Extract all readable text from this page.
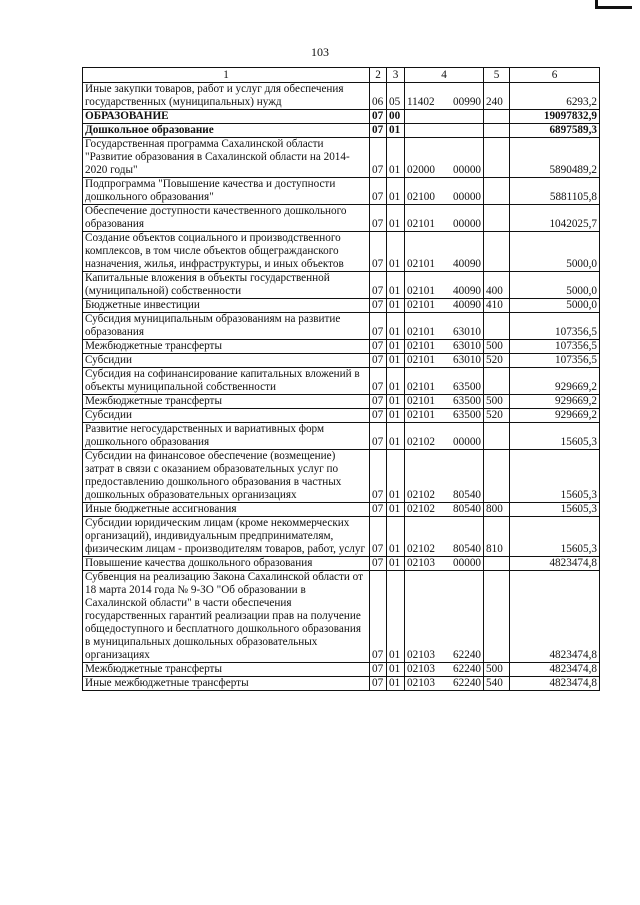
103
1	2	3	4	5	6
Иные закупки товаров, работ и услуг для обеспечения государственных (муниципальных) нужд	06	05	11402 00990	240	6293,2
ОБРАЗОВАНИЕ	07	00			19097832,9
Дошкольное образование	07	01			6897589,3
Государственная программа Сахалинской области "Развитие образования в Сахалинской области на 2014-2020 годы"	07	01	02000 00000		5890489,2
Подпрограмма "Повышение качества и доступности дошкольного образования"	07	01	02100 00000		5881105,8
Обеспечение доступности качественного дошкольного образования	07	01	02101 00000		1042025,7
Создание объектов социального и производственного комплексов, в том числе объектов общегражданского назначения, жилья, инфраструктуры, и иных объектов	07	01	02101 40090		5000,0
Капитальные вложения в объекты государственной (муниципальной) собственности	07	01	02101 40090	400	5000,0
Бюджетные инвестиции	07	01	02101 40090	410	5000,0
Субсидия муниципальным образованиям на развитие образования	07	01	02101 63010		107356,5
Межбюджетные трансферты	07	01	02101 63010	500	107356,5
Субсидии	07	01	02101 63010	520	107356,5
Субсидия на софинансирование капитальных вложений в объекты муниципальной собственности	07	01	02101 63500		929669,2
Межбюджетные трансферты	07	01	02101 63500	500	929669,2
Субсидии	07	01	02101 63500	520	929669,2
Развитие негосударственных и вариативных форм дошкольного образования	07	01	02102 00000		15605,3
Субсидии на финансовое обеспечение (возмещение) затрат в связи с оказанием образовательных услуг по предоставлению дошкольного образования в частных дошкольных образовательных организациях	07	01	02102 80540		15605,3
Иные бюджетные ассигнования	07	01	02102 80540	800	15605,3
Субсидии юридическим лицам (кроме некоммерческих организаций), индивидуальным предпринимателям, физическим лицам - производителям товаров, работ, услуг	07	01	02102 80540	810	15605,3
Повышение качества дошкольного образования	07	01	02103 00000		4823474,8
Субвенция на реализацию Закона Сахалинской области от 18 марта 2014 года № 9-ЗО "Об образовании в Сахалинской области" в части обеспечения государственных гарантий реализации прав на получение общедоступного и бесплатного дошкольного образования в муниципальных дошкольных образовательных организациях	07	01	02103 62240		4823474,8
Межбюджетные трансферты	07	01	02103 62240	500	4823474,8
Иные межбюджетные трансферты	07	01	02103 62240	540	4823474,8
